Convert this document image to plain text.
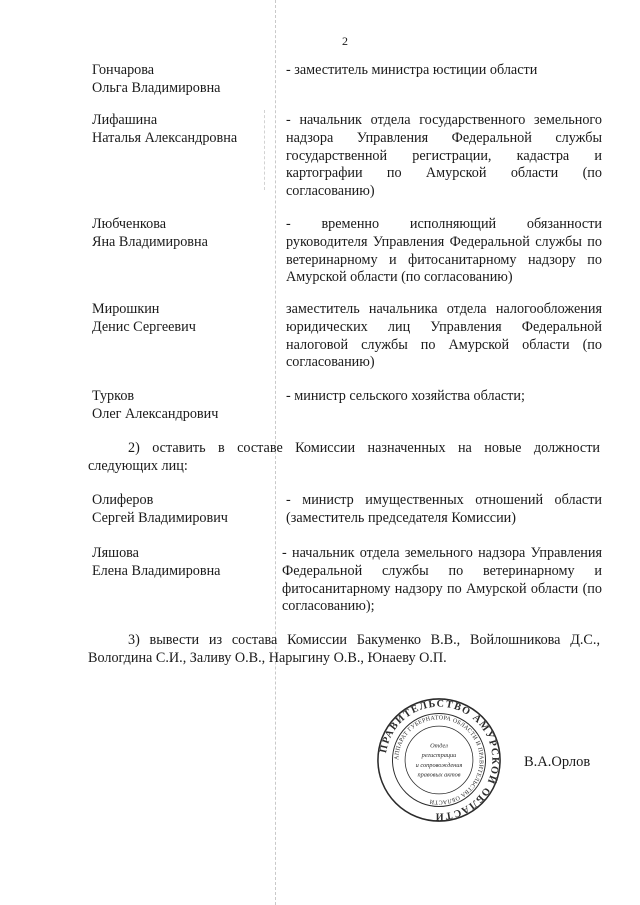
2
Гончарова
Ольга Владимировна
- заместитель министра юстиции области
Лифашина
Наталья Александровна
- начальник отдела государственного земельного надзора Управления Федеральной службы государственной регистрации, кадастра и картографии по Амурской области (по согласованию)
Любченкова
Яна Владимировна
- временно исполняющий обязанности руководителя Управления Федеральной службы по ветеринарному и фитосанитарному надзору по Амурской области (по согласованию)
Мирошкин
Денис Сергеевич
заместитель начальника отдела налогообложения юридических лиц Управления Федеральной налоговой службы по Амурской области (по согласованию)
Турков
Олег Александрович
- министр сельского хозяйства области;
2) оставить в составе Комиссии назначенных на новые должности следующих лиц:
Олиферов
Сергей Владимирович
- министр имущественных отношений области (заместитель председателя Комиссии)
Ляшова
Елена Владимировна
- начальник отдела земельного надзора Управления Федеральной службы по ветеринарному и фитосанитарному надзору по Амурской области (по согласованию);
3) вывести из состава Комиссии Бакуменко В.В., Войлошникова Д.С., Вологдина С.И., Заливу О.В., Нарыгину О.В., Юнаеву О.П.
ПРАВИТЕЛЬСТВО АМУРСКОЙ ОБЛАСТИ
АППАРАТ ГУБЕРНАТОРА ОБЛАСТИ И ПРАВИТЕЛЬСТВА ОБЛАСТИ
Отдел
регистрации
и сопровождения
правовых актов
В.А.Орлов
